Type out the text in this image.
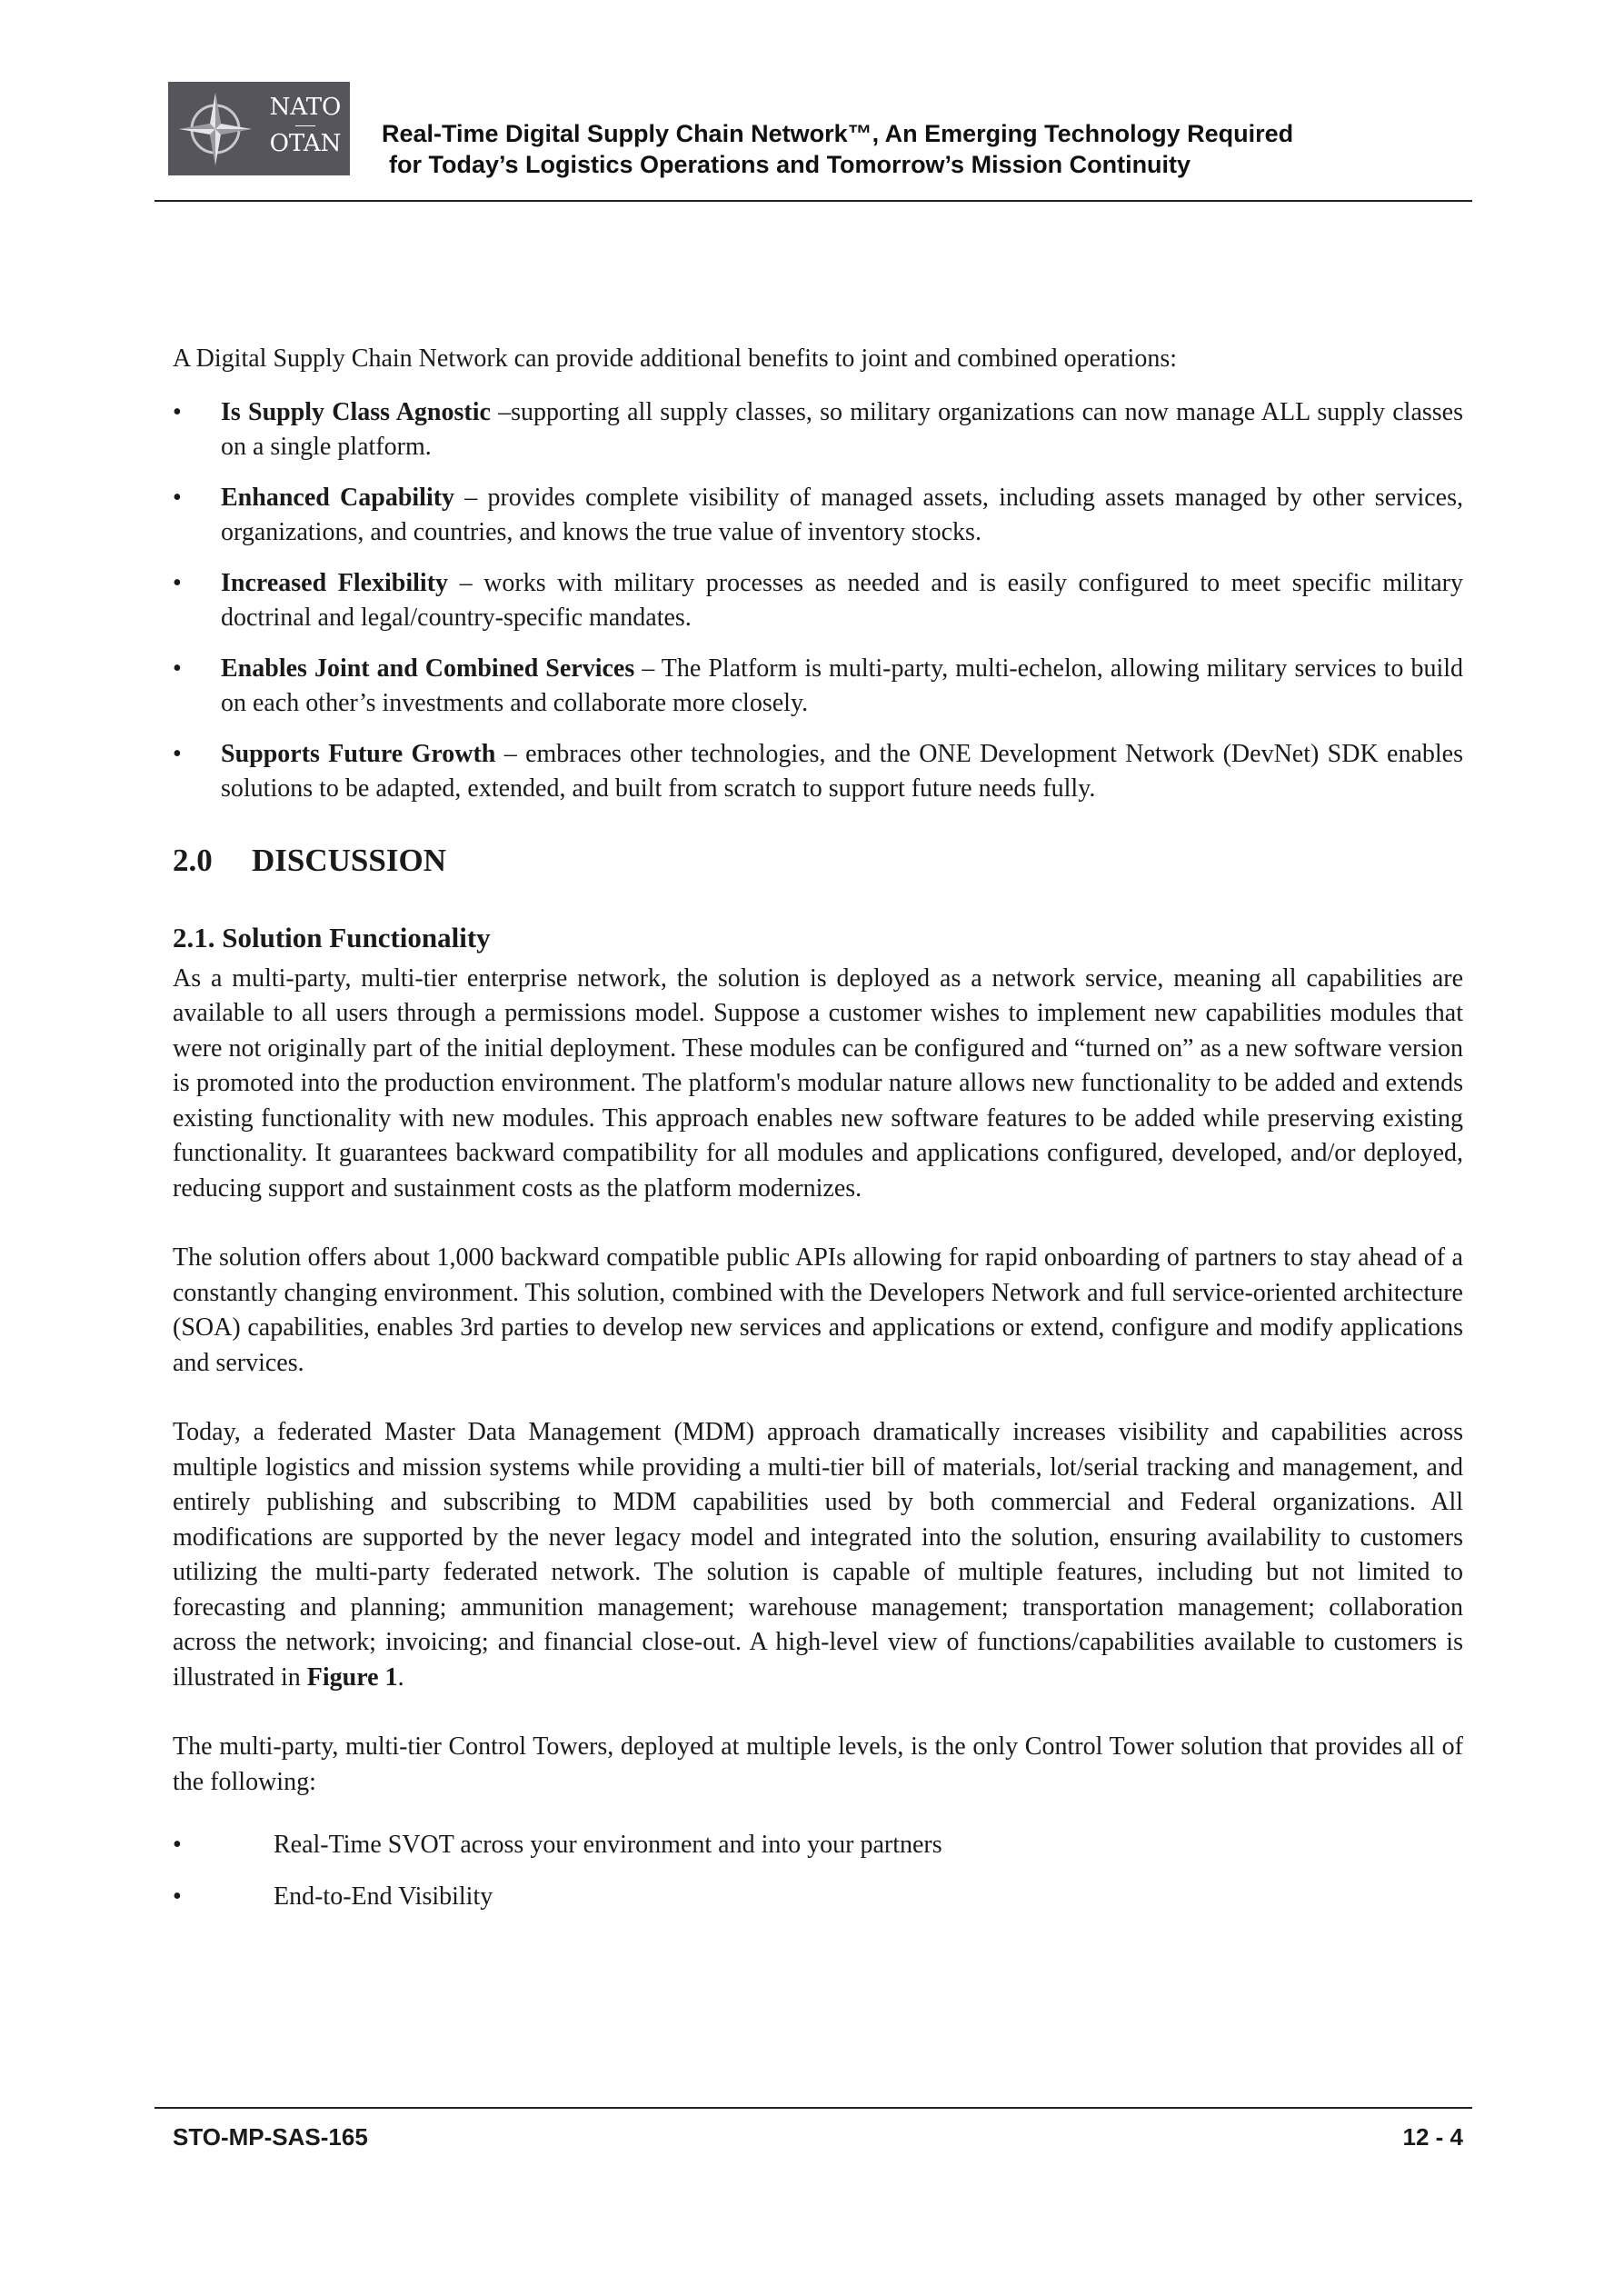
NATO
OTAN Real-Time Digital Supply Chain Network™, An Emerging Technology Required
for Today’s Logistics Operations and Tomorrow’s Mission Continuity

A Digital Supply Chain Network can provide additional benefits to joint and combined operations:

• Is Supply Class Agnostic –supporting all supply classes, so military organizations can now manage ALL supply classes on a single platform.
• Enhanced Capability – provides complete visibility of managed assets, including assets managed by other services, organizations, and countries, and knows the true value of inventory stocks.
• Increased Flexibility – works with military processes as needed and is easily configured to meet specific military doctrinal and legal/country-specific mandates.
• Enables Joint and Combined Services – The Platform is multi-party, multi-echelon, allowing military services to build on each other’s investments and collaborate more closely.
• Supports Future Growth – embraces other technologies, and the ONE Development Network (DevNet) SDK enables solutions to be adapted, extended, and built from scratch to support future needs fully.
2.0 DISCUSSION
2.1. Solution Functionality

As a multi-party, multi-tier enterprise network, the solution is deployed as a network service, meaning all capabilities are available to all users through a permissions model. Suppose a customer wishes to implement new capabilities modules that were not originally part of the initial deployment. These modules can be configured and “turned on” as a new software version is promoted into the production environment. The platform's modular nature allows new functionality to be added and extends existing functionality with new modules. This approach enables new software features to be added while preserving existing functionality. It guarantees backward compatibility for all modules and applications configured, developed, and/or deployed, reducing support and sustainment costs as the platform modernizes.

The solution offers about 1,000 backward compatible public APIs allowing for rapid onboarding of partners to stay ahead of a constantly changing environment. This solution, combined with the Developers Network and full service-oriented architecture (SOA) capabilities, enables 3rd parties to develop new services and applications or extend, configure and modify applications and services.

Today, a federated Master Data Management (MDM) approach dramatically increases visibility and capabilities across multiple logistics and mission systems while providing a multi-tier bill of materials, lot/serial tracking and management, and entirely publishing and subscribing to MDM capabilities used by both commercial and Federal organizations. All modifications are supported by the never legacy model and integrated into the solution, ensuring availability to customers utilizing the multi-party federated network. The solution is capable of multiple features, including but not limited to forecasting and planning; ammunition management; warehouse management; transportation management; collaboration across the network; invoicing; and financial close-out. A high-level view of functions/capabilities available to customers is illustrated in Figure 1.

The multi-party, multi-tier Control Towers, deployed at multiple levels, is the only Control Tower solution that provides all of the following:

• Real-Time SVOT across your environment and into your partners
• End-to-End Visibility
STO-MP-SAS-165	12 - 4
